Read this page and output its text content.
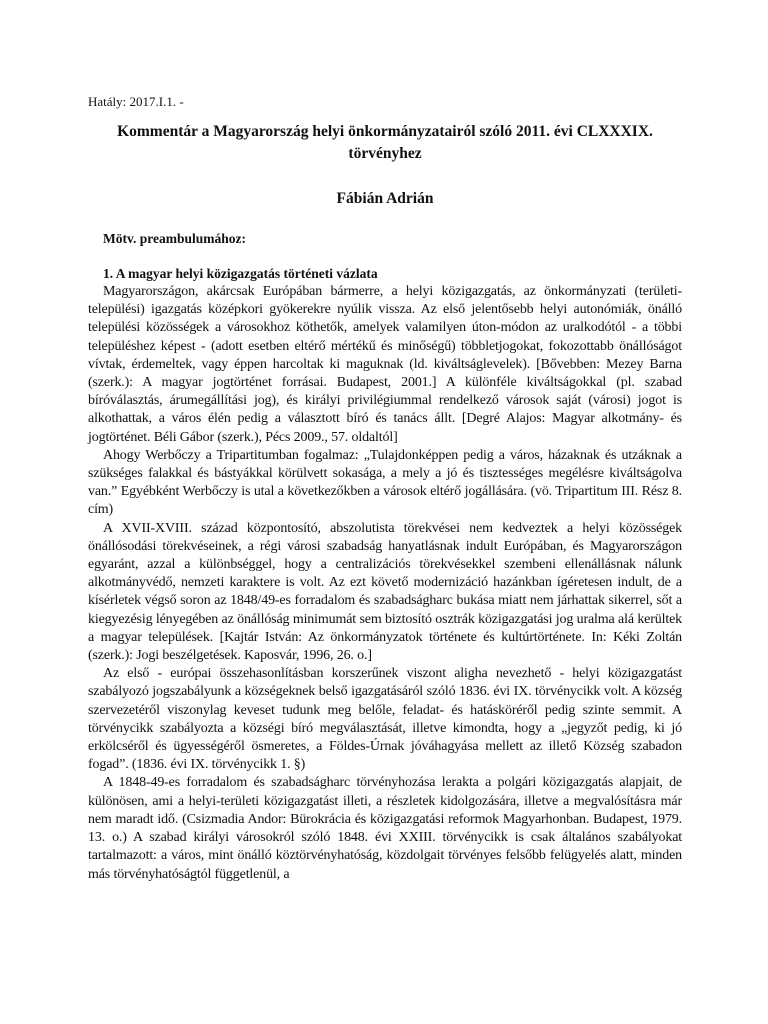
Hatály: 2017.I.1. -

Kommentár a Magyarország helyi önkormányzatairól szóló 2011. évi CLXXXIX. törvényhez
Fábián Adrián
Mötv. preambulumához:
1. A magyar helyi közigazgatás történeti vázlata

Magyarországon, akárcsak Európában bármerre, a helyi közigazgatás, az önkormányzati (területi-települési) igazgatás középkori gyökerekre nyúlik vissza. Az első jelentősebb helyi autonómiák, önálló települési közösségek a városokhoz köthetők, amelyek valamilyen úton-módon az uralkodótól - a többi településhez képest - (adott esetben eltérő mértékű és minőségű) többletjogokat, fokozottabb önállóságot vívtak, érdemeltek, vagy éppen harcoltak ki maguknak (ld. kiváltságlevelek). [Bővebben: Mezey Barna (szerk.): A magyar jogtörténet forrásai. Budapest, 2001.] A különféle kiváltságokkal (pl. szabad bíróválasztás, árumegállítási jog), és királyi privilégiummal rendelkező városok saját (városi) jogot is alkothattak, a város élén pedig a választott bíró és tanács állt. [Degré Alajos: Magyar alkotmány- és jogtörténet. Béli Gábor (szerk.), Pécs 2009., 57. oldaltól]

Ahogy Werbőczy a Tripartitumban fogalmaz: „Tulajdonképpen pedig a város, házaknak és utzáknak a szükséges falakkal és bástyákkal körülvett sokasága, a mely a jó és tisztességes megélésre kiváltságolva van.” Egyébként Werbőczy is utal a következőkben a városok eltérő jogállására. (vö. Tripartitum III. Rész 8. cím)

A XVII-XVIII. század központosító, abszolutista törekvései nem kedveztek a helyi közösségek önállósodási törekvéseinek, a régi városi szabadság hanyatlásnak indult Európában, és Magyarországon egyaránt, azzal a különbséggel, hogy a centralizációs törekvésekkel szembeni ellenállásnak nálunk alkotmányvédő, nemzeti karaktere is volt. Az ezt követő modernizáció hazánkban ígéretesen indult, de a kísérletek végső soron az 1848/49-es forradalom és szabadságharc bukása miatt nem járhattak sikerrel, sőt a kiegyezésig lényegében az önállóság minimumát sem biztosító osztrák közigazgatási jog uralma alá kerültek a magyar települések. [Kajtár István: Az önkormányzatok története és kultúrtörténete. In: Kéki Zoltán (szerk.): Jogi beszélgetések. Kaposvár, 1996, 26. o.]

Az első - európai összehasonlításban korszerűnek viszont aligha nevezhető - helyi közigazgatást szabályozó jogszabályunk a községeknek belső igazgatásáról szóló 1836. évi IX. törvénycikk volt. A község szervezetéről viszonylag keveset tudunk meg belőle, feladat- és hatásköréről pedig szinte semmit. A törvénycikk szabályozta a községi bíró megválasztását, illetve kimondta, hogy a „jegyzőt pedig, ki jó erkölcséről és ügyességéről ösmeretes, a Földes-Úrnak jóváhagyása mellett az illető Község szabadon fogad”. (1836. évi IX. törvénycikk 1. §)

A 1848-49-es forradalom és szabadságharc törvényhozása lerakta a polgári közigazgatás alapjait, de különösen, ami a helyi-területi közigazgatást illeti, a részletek kidolgozására, illetve a megvalósításra már nem maradt idő. (Csizmadia Andor: Bürokrácia és közigazgatási reformok Magyarhonban. Budapest, 1979. 13. o.) A szabad királyi városokról szóló 1848. évi XXIII. törvénycikk is csak általános szabályokat tartalmazott: a város, mint önálló köztörvényhatóság, közdolgait törvényes felsőbb felügyelés alatt, minden más törvényhatóságtól függetlenül, a
